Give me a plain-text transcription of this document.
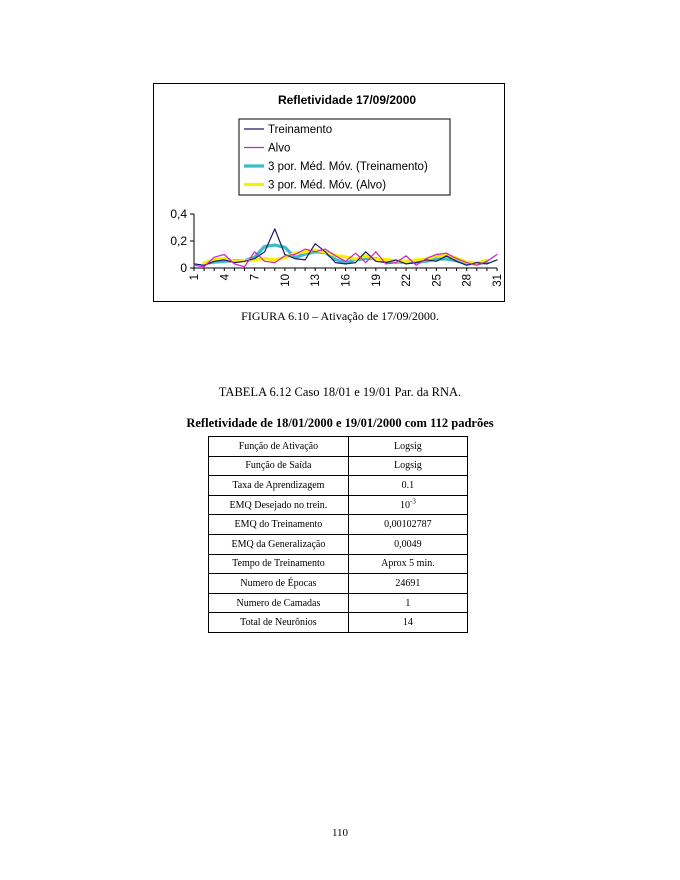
Refletividade 17/09/2000
Treinamento
Alvo
3 por. Méd. Móv. (Treinamento)
3 por. Méd. Móv. (Alvo)
0,4
0,2
0
1 4 7 10 13 16 19 22 25 28 31
FIGURA 6.10 – Ativação de 17/09/2000.
TABELA 6.12 Caso 18/01 e 19/01 Par. da RNA.
Refletividade de 18/01/2000 e 19/01/2000 com 112 padrões
Função de Ativação	Logsig
Função de Saída	Logsig
Taxa de Aprendizagem	0.1
EMQ Desejado no trein.	$10^{-3}$
EMQ do Treinamento	0,00102787
EMQ da Generalização	0,0049
Tempo de Treinamento	Aprox 5 min.
Numero de Épocas	24691
Numero de Camadas	1
Total de Neurônios	14
110
